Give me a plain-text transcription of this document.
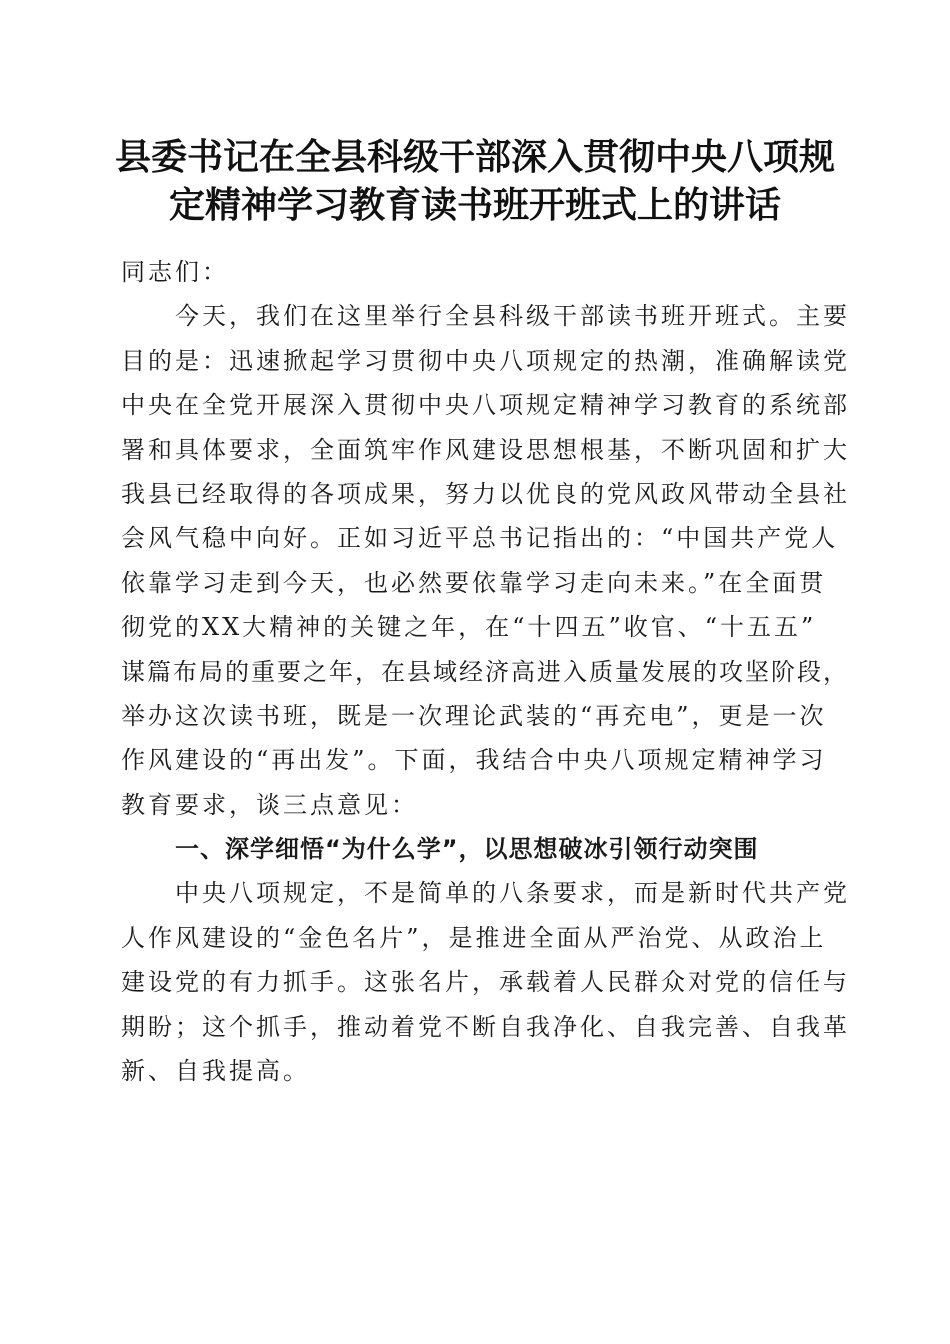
县委书记在全县科级干部深入贯彻中央八项规
定精神学习教育读书班开班式上的讲话
同志们：
今天，我们在这里举行全县科级干部读书班开班式。主要
目的是：迅速掀起学习贯彻中央八项规定的热潮，准确解读党
中央在全党开展深入贯彻中央八项规定精神学习教育的系统部
署和具体要求，全面筑牢作风建设思想根基，不断巩固和扩大
我县已经取得的各项成果，努力以优良的党风政风带动全县社
会风气稳中向好。正如习近平总书记指出的：“中国共产党人
依靠学习走到今天，也必然要依靠学习走向未来。”在全面贯
彻党的XX大精神的关键之年，在“十四五”收官、“十五五”
谋篇布局的重要之年，在县域经济高进入质量发展的攻坚阶段，
举办这次读书班，既是一次理论武装的“再充电”，更是一次
作风建设的“再出发”。下面，我结合中央八项规定精神学习
教育要求，谈三点意见：
一、深学细悟“为什么学”，以思想破冰引领行动突围
中央八项规定，不是简单的八条要求，而是新时代共产党
人作风建设的“金色名片”，是推进全面从严治党、从政治上
建设党的有力抓手。这张名片，承载着人民群众对党的信任与
期盼；这个抓手，推动着党不断自我净化、自我完善、自我革
新、自我提高。
